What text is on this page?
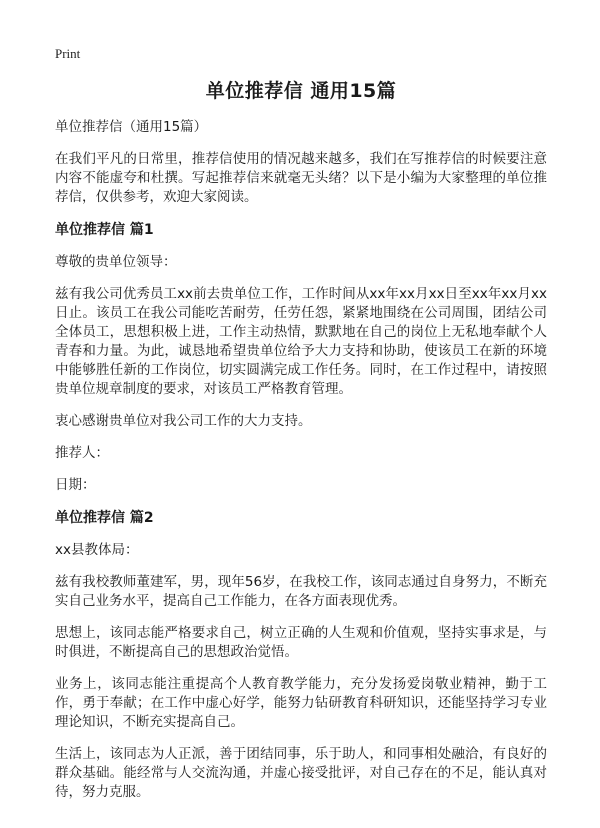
Print
单位推荐信 通用15篇

单位推荐信（通用15篇）

在我们平凡的日常里，推荐信使用的情况越来越多，我们在写推荐信的时候要注意内容不能虚夸和杜撰。写起推荐信来就毫无头绪？以下是小编为大家整理的单位推荐信，仅供参考，欢迎大家阅读。

单位推荐信 篇1

尊敬的贵单位领导：

兹有我公司优秀员工xx前去贵单位工作，工作时间从xx年xx月xx日至xx年xx月xx日止。该员工在我公司能吃苦耐劳，任劳任怨，紧紧地围绕在公司周围，团结公司全体员工，思想积极上进，工作主动热情，默默地在自己的岗位上无私地奉献个人青春和力量。为此，诚恳地希望贵单位给予大力支持和协助，使该员工在新的环境中能够胜任新的工作岗位，切实圆满完成工作任务。同时，在工作过程中，请按照贵单位规章制度的要求，对该员工严格教育管理。

衷心感谢贵单位对我公司工作的大力支持。

推荐人：

日期：

单位推荐信 篇2

xx县教体局：

兹有我校教师董建军，男，现年56岁，在我校工作，该同志通过自身努力，不断充实自己业务水平，提高自己工作能力，在各方面表现优秀。

思想上，该同志能严格要求自己，树立正确的人生观和价值观，坚持实事求是，与时俱进，不断提高自己的思想政治觉悟。

业务上，该同志能注重提高个人教育教学能力，充分发扬爱岗敬业精神，勤于工作，勇于奉献；在工作中虚心好学，能努力钻研教育科研知识，还能坚持学习专业理论知识，不断充实提高自己。

生活上，该同志为人正派，善于团结同事，乐于助人，和同事相处融洽，有良好的群众基础。能经常与人交流沟通，并虚心接受批评，对自己存在的不足，能认真对待，努力克服。
